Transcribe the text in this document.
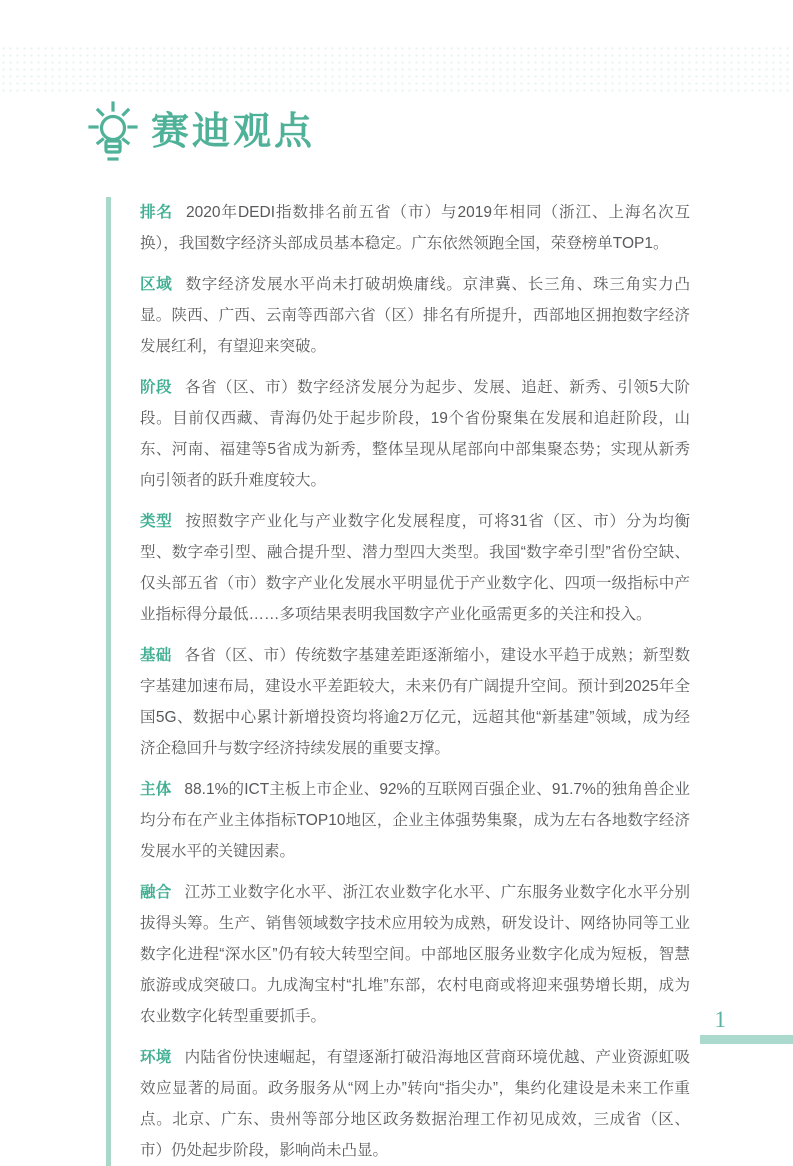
赛迪观点

排名 2020年DEDI指数排名前五省（市）与2019年相同（浙江、上海名次互换），我国数字经济头部成员基本稳定。广东依然领跑全国，荣登榜单TOP1。

区域 数字经济发展水平尚未打破胡焕庸线。京津冀、长三角、珠三角实力凸显。陕西、广西、云南等西部六省（区）排名有所提升，西部地区拥抱数字经济发展红利，有望迎来突破。

阶段 各省（区、市）数字经济发展分为起步、发展、追赶、新秀、引领5大阶段。目前仅西藏、青海仍处于起步阶段，19个省份聚集在发展和追赶阶段，山东、河南、福建等5省成为新秀，整体呈现从尾部向中部集聚态势；实现从新秀向引领者的跃升难度较大。

类型 按照数字产业化与产业数字化发展程度，可将31省（区、市）分为均衡型、数字牵引型、融合提升型、潜力型四大类型。我国“数字牵引型”省份空缺、仅头部五省（市）数字产业化发展水平明显优于产业数字化、四项一级指标中产业指标得分最低……多项结果表明我国数字产业化亟需更多的关注和投入。

基础 各省（区、市）传统数字基建差距逐渐缩小，建设水平趋于成熟；新型数字基建加速布局，建设水平差距较大，未来仍有广阔提升空间。预计到2025年全国5G、数据中心累计新增投资均将逾2万亿元，远超其他“新基建”领域，成为经济企稳回升与数字经济持续发展的重要支撑。

主体 88.1%的ICT主板上市企业、92%的互联网百强企业、91.7%的独角兽企业均分布在产业主体指标TOP10地区，企业主体强势集聚，成为左右各地数字经济发展水平的关键因素。

融合 江苏工业数字化水平、浙江农业数字化水平、广东服务业数字化水平分别拔得头筹。生产、销售领域数字技术应用较为成熟，研发设计、网络协同等工业数字化进程“深水区”仍有较大转型空间。中部地区服务业数字化成为短板，智慧旅游或成突破口。九成淘宝村“扎堆”东部，农村电商或将迎来强势增长期，成为农业数字化转型重要抓手。

环境 内陆省份快速崛起，有望逐渐打破沿海地区营商环境优越、产业资源虹吸效应显著的局面。政务服务从“网上办”转向“指尖办”，集约化建设是未来工作重点。北京、广东、贵州等部分地区政务数据治理工作初见成效，三成省（区、市）仍处起步阶段，影响尚未凸显。

1
